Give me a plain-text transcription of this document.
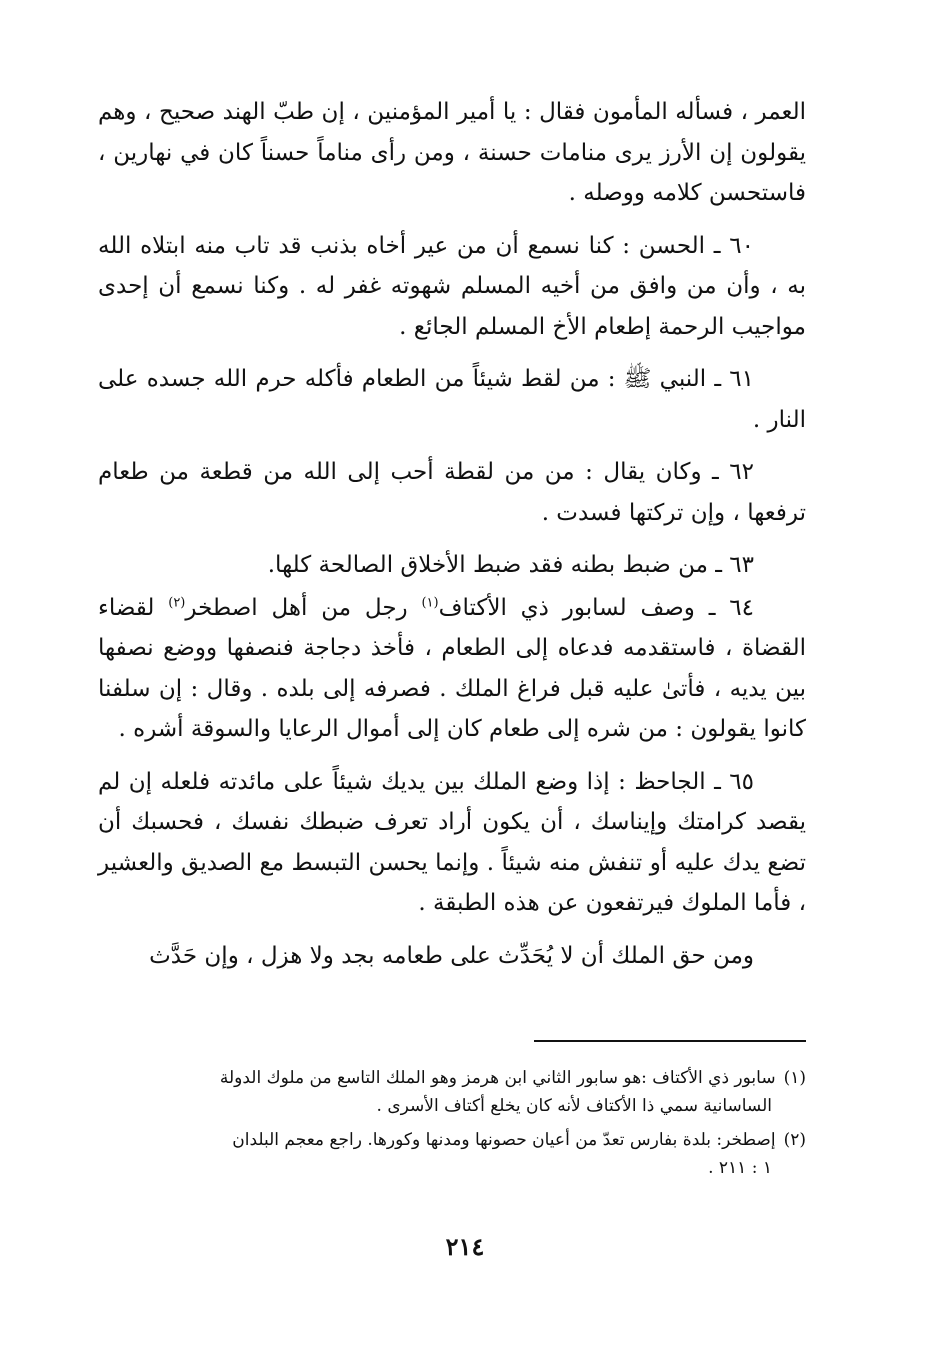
العمر ، فسأله المأمون فقال : يا أمير المؤمنين ، إن طبّ الهند صحيح ، وهم يقولون إن الأرز يرى منامات حسنة ، ومن رأى مناماً حسناً كان في نهارين ، فاستحسن كلامه ووصله .

٦٠ ـ الحسن : كنا نسمع أن من عير أخاه بذنب قد تاب منه ابتلاه الله به ، وأن من وافق من أخيه المسلم شهوته غفر له . وكنا نسمع أن إحدى مواجيب الرحمة إطعام الأخ المسلم الجائع .

٦١ ـ النبي ﷺ : من لقط شيئاً من الطعام فأكله حرم الله جسده على النار .

٦٢ ـ وكان يقال : من من لقطة أحب إلى الله من قطعة من طعام ترفعها ، وإن تركتها فسدت .

٦٣ ـ من ضبط بطنه فقد ضبط الأخلاق الصالحة كلها.

٦٤ ـ وصف لسابور ذي الأكتاف$^{(١)}$ رجل من أهل اصطخر$^{(٢)}$ لقضاء القضاة ، فاستقدمه فدعاه إلى الطعام ، فأخذ دجاجة فنصفها ووضع نصفها بين يديه ، فأتىٰ عليه قبل فراغ الملك . فصرفه إلى بلده . وقال : إن سلفنا كانوا يقولون : من شره إلى طعام كان إلى أموال الرعايا والسوقة أشره .

٦٥ ـ الجاحظ : إذا وضع الملك بين يديك شيئاً على مائدته فلعله إن لم يقصد كرامتك وإيناسك ، أن يكون أراد تعرف ضبطك نفسك ، فحسبك أن تضع يدك عليه أو تنفش منه شيئاً . وإنما يحسن التبسط مع الصديق والعشير ، فأما الملوك فيرتفعون عن هذه الطبقة .

ومن حق الملك أن لا يُحَدِّث على طعامه بجد ولا هزل ، وإن حَدَّث

(١)سابور ذي الأكتاف :هو سابور الثاني ابن هرمز وهو الملك التاسع من ملوك الدولة
الساسانية سمي ذا الأكتاف لأنه كان يخلع أكتاف الأسرى .

(٢)إصطخر: بلدة بفارس تعدّ من أعيان حصونها ومدنها وكورها. راجع معجم البلدان
١ : ٢١١ .

٢١٤
